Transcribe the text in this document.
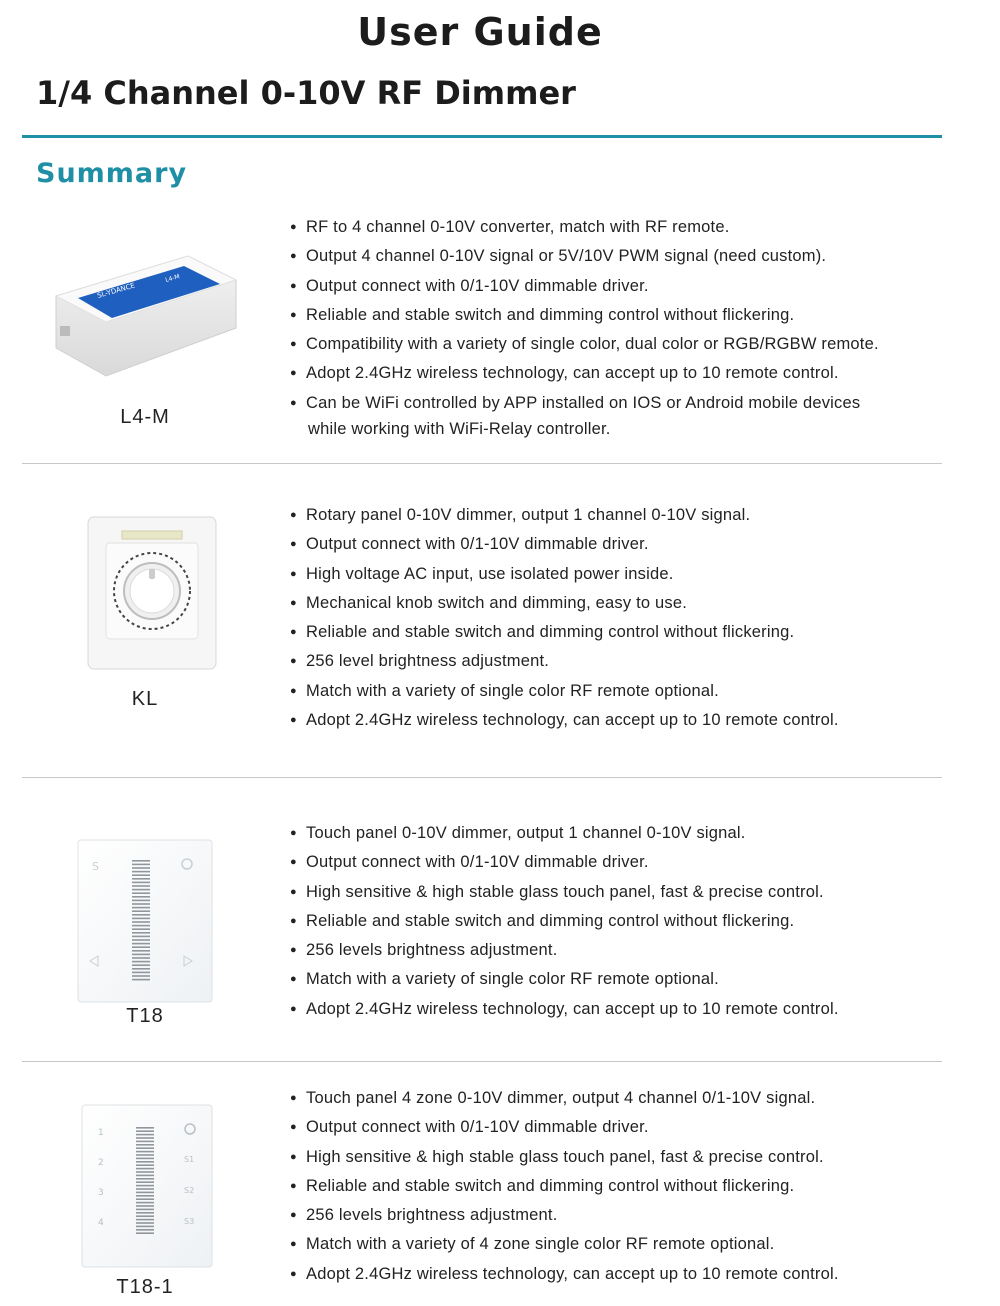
User Guide
1/4 Channel 0-10V RF Dimmer
Summary
SL-YDANCE
L4-M
L4-M
● RF to 4 channel 0-10V converter, match with RF remote.
● Output 4 channel 0-10V signal or 5V/10V PWM signal (need custom).
● Output connect with 0/1-10V dimmable driver.
● Reliable and stable switch and dimming control without flickering.
● Compatibility with a variety of single color, dual color or RGB/RGBW remote.
● Adopt 2.4GHz wireless technology, can accept up to 10 remote control.
● Can be WiFi controlled by APP installed on IOS or Android mobile devices
while working with WiFi-Relay controller.
KL
● Rotary panel 0-10V dimmer, output 1 channel 0-10V signal.
● Output connect with 0/1-10V dimmable driver.
● High voltage AC input, use isolated power inside.
● Mechanical knob switch and dimming, easy to use.
● Reliable and stable switch and dimming control without flickering.
● 256 level brightness adjustment.
● Match with a variety of single color RF remote optional.
● Adopt 2.4GHz wireless technology, can accept up to 10 remote control.
S
T18
● Touch panel 0-10V dimmer, output 1 channel 0-10V signal.
● Output connect with 0/1-10V dimmable driver.
● High sensitive & high stable glass touch panel, fast & precise control.
● Reliable and stable switch and dimming control without flickering.
● 256 levels brightness adjustment.
● Match with a variety of single color RF remote optional.
● Adopt 2.4GHz wireless technology, can accept up to 10 remote control.
1
2
3
4
S1
S2
S3
T18-1
● Touch panel 4 zone 0-10V dimmer, output 4 channel 0/1-10V signal.
● Output connect with 0/1-10V dimmable driver.
● High sensitive & high stable glass touch panel, fast & precise control.
● Reliable and stable switch and dimming control without flickering.
● 256 levels brightness adjustment.
● Match with a variety of 4 zone single color RF remote optional.
● Adopt 2.4GHz wireless technology, can accept up to 10 remote control.
